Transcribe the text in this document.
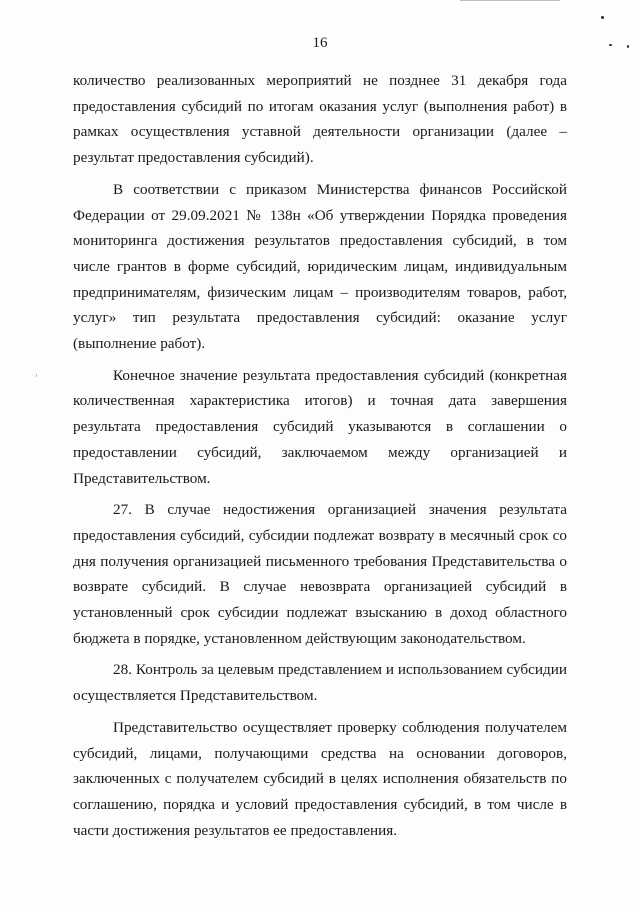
16

количество реализованных мероприятий не позднее 31 декабря года предоставления субсидий по итогам оказания услуг (выполнения работ) в рамках осуществления уставной деятельности организации (далее – результат предоставления субсидий).

В соответствии с приказом Министерства финансов Российской Федерации от 29.09.2021 № 138н «Об утверждении Порядка проведения мониторинга достижения результатов предоставления субсидий, в том числе грантов в форме субсидий, юридическим лицам, индивидуальным предпринимателям, физическим лицам – производителям товаров, работ, услуг» тип результата предоставления субсидий: оказание услуг (выполнение работ).

Конечное значение результата предоставления субсидий (конкретная количественная характеристика итогов) и точная дата завершения результата предоставления субсидий указываются в соглашении о предоставлении субсидий, заключаемом между организацией и Представительством.

27. В случае недостижения организацией значения результата предоставления субсидий, субсидии подлежат возврату в месячный срок со дня получения организацией письменного требования Представительства о возврате субсидий. В случае невозврата организацией субсидий в установленный срок субсидии подлежат взысканию в доход областного бюджета в порядке, установленном действующим законодательством.

28. Контроль за целевым представлением и использованием субсидии осуществляется Представительством.

Представительство осуществляет проверку соблюдения получателем субсидий, лицами, получающими средства на основании договоров, заключенных с получателем субсидий в целях исполнения обязательств по соглашению, порядка и условий предоставления субсидий, в том числе в части достижения результатов ее предоставления.
